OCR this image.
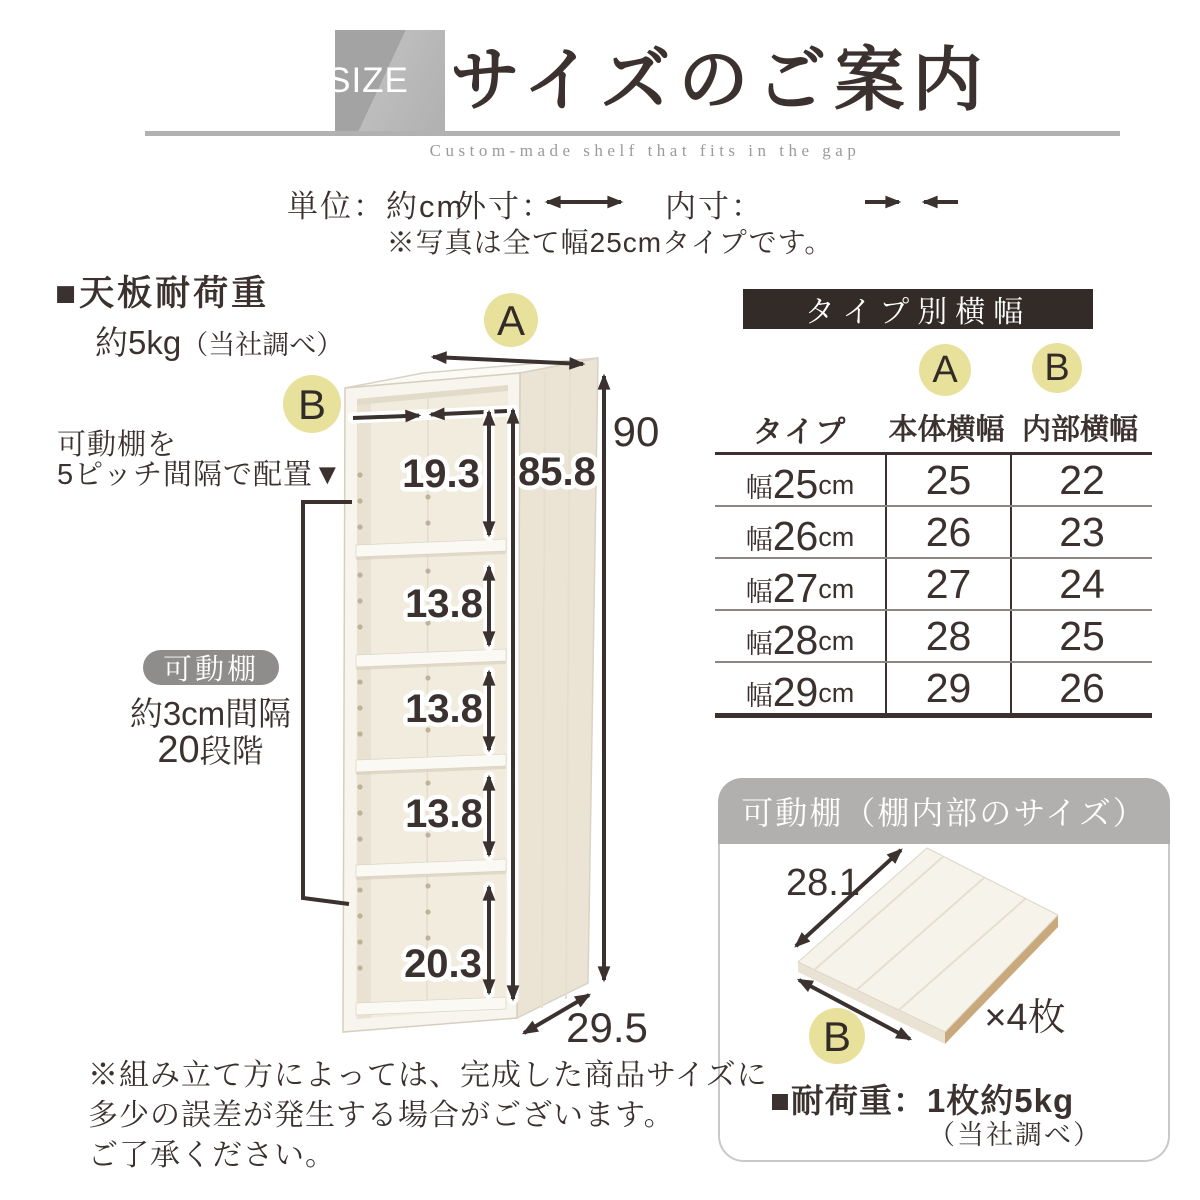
SIZE サイズのご案内
Custom-made shelf that fits in the gap
単位：約cm
外寸：	内寸：
※写真は全て幅25cmタイプです。
■天板耐荷重
約5kg（当社調べ）
可動棚を
5ピッチ間隔で配置▼
可動棚
約3cm間隔
20段階
19.3
13.8
13.8
13.8
20.3
85.8
90
29.5
A
B
タイプ別横幅
A	B
タイプ	本体横幅 内部横幅
幅 25 cm	25	22
幅 26 cm	26	23
幅 27 cm	27	24
幅 28 cm	28	25
幅 29 cm	29	26
可動棚（棚内部のサイズ）
28.1
B	×4枚
■耐荷重：1枚約5kg
（当社調べ）
※組み立て方によっては、完成した商品サイズに
多少の誤差が発生する場合がございます。
ご了承ください。
